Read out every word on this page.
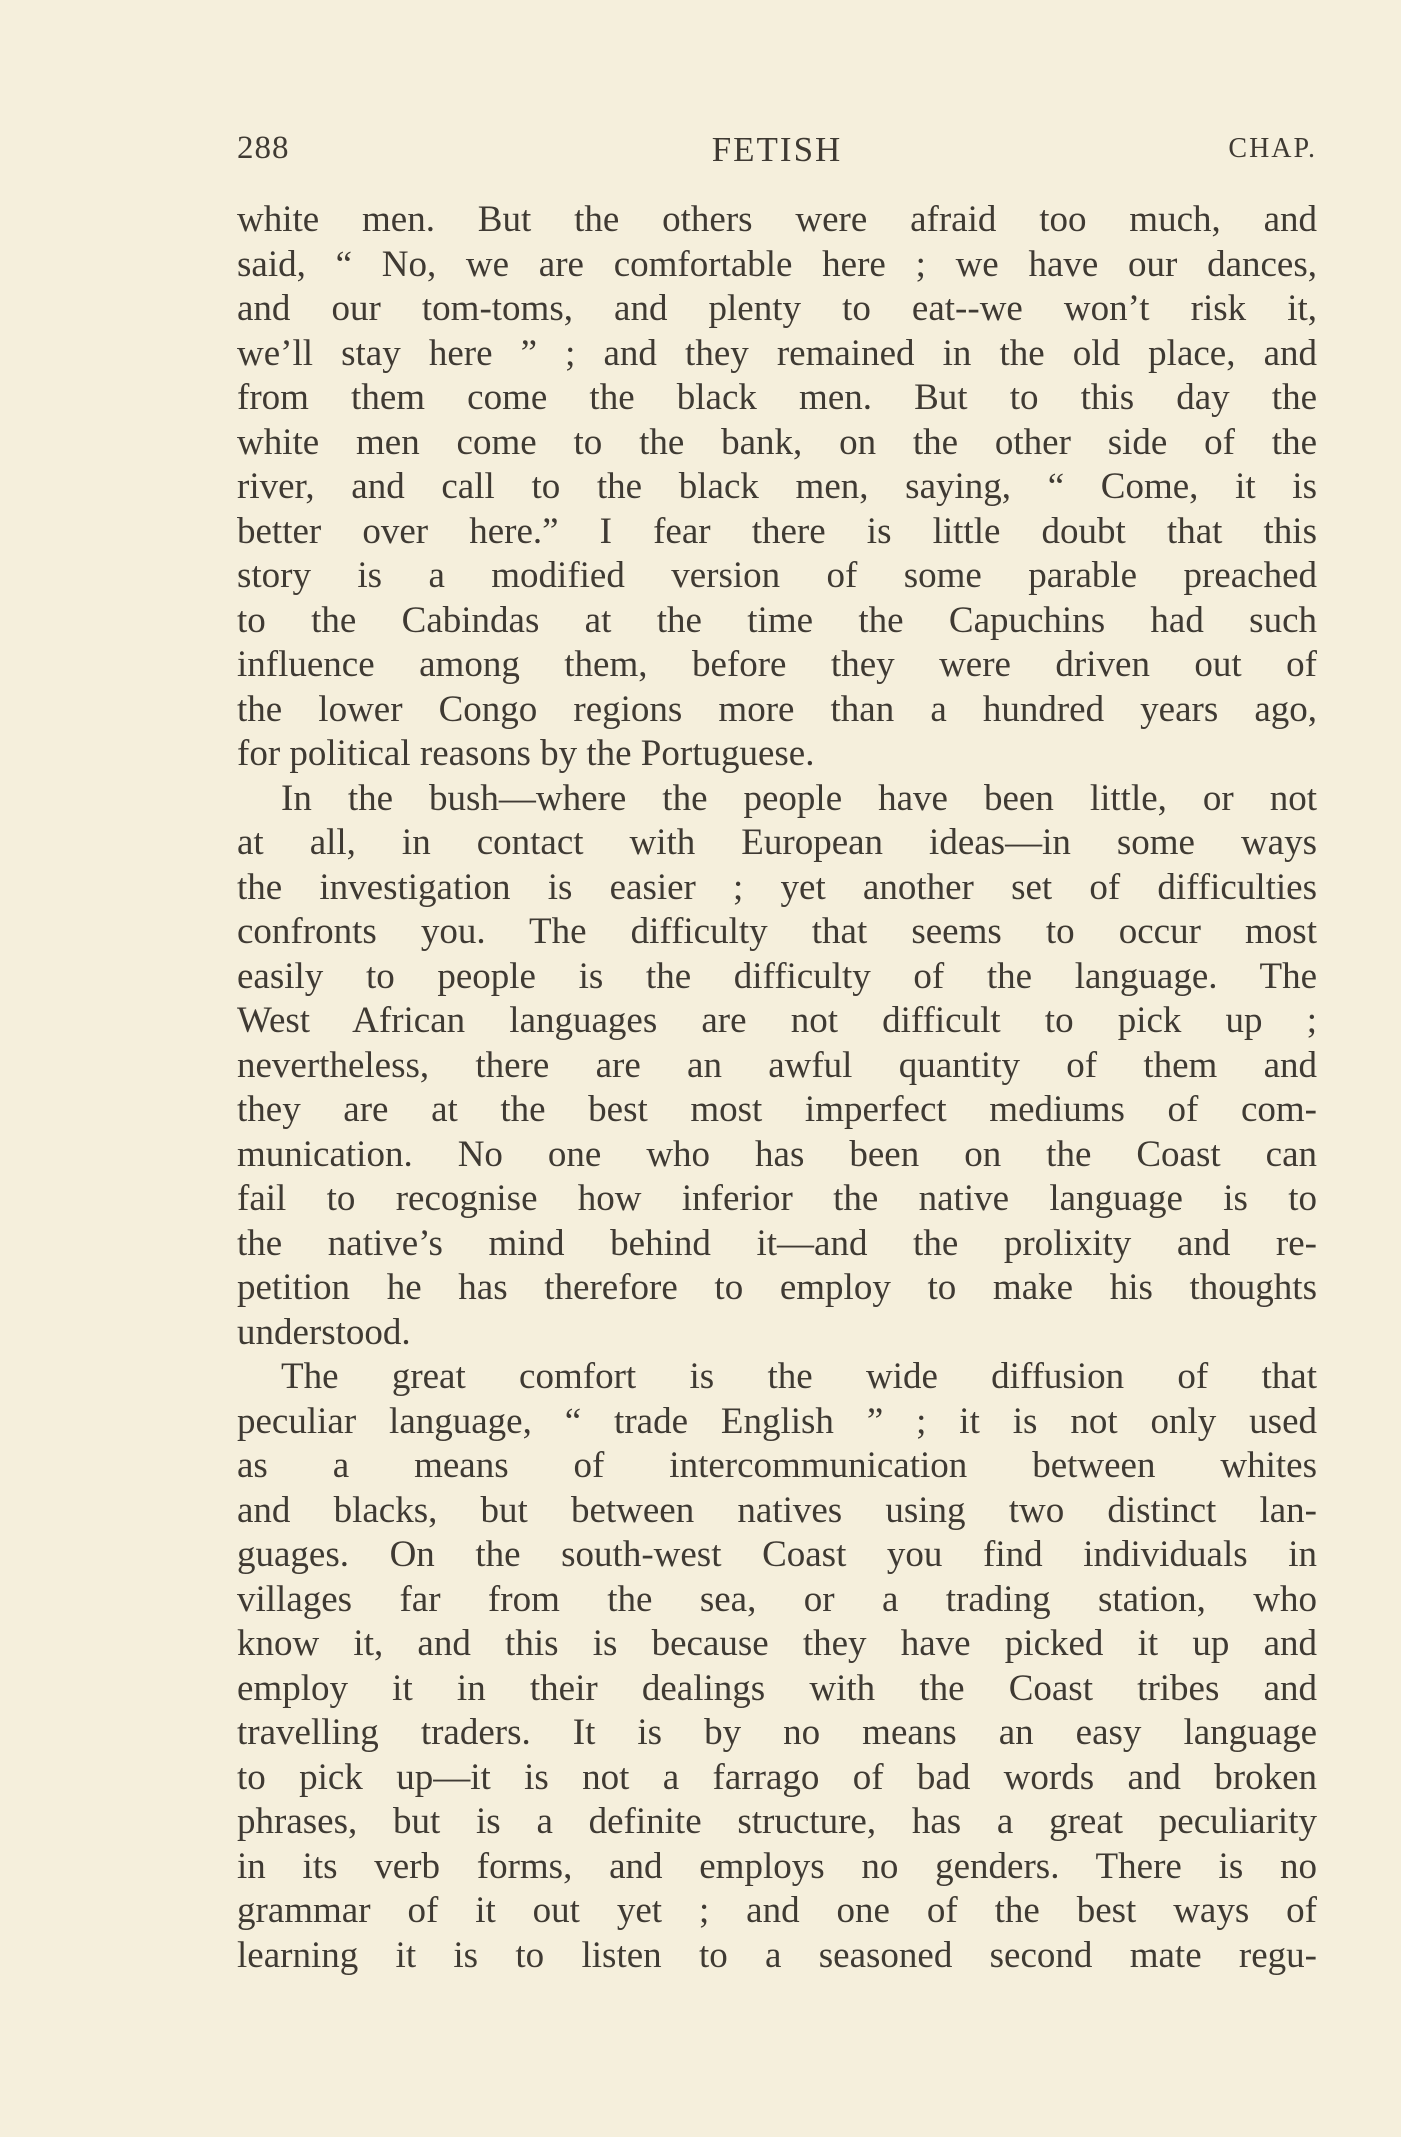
288	FETISH	CHAP.
white men. But the others were afraid too much, and
said, “ No, we are comfortable here ; we have our dances,
and our tom-toms, and plenty to eat--we won’t risk it,
we’ll stay here ” ; and they remained in the old place, and
from them come the black men. But to this day the
white men come to the bank, on the other side of the
river, and call to the black men, saying, “ Come, it is
better over here.” I fear there is little doubt that this
story is a modified version of some parable preached
to the Cabindas at the time the Capuchins had such
influence among them, before they were driven out of
the lower Congo regions more than a hundred years ago,
for political reasons by the Portuguese.
In the bush—where the people have been little, or not
at all, in contact with European ideas—in some ways
the investigation is easier ; yet another set of difficulties
confronts you. The difficulty that seems to occur most
easily to people is the difficulty of the language. The
West African languages are not difficult to pick up ;
nevertheless, there are an awful quantity of them and
they are at the best most imperfect mediums of com-
munication. No one who has been on the Coast can
fail to recognise how inferior the native language is to
the native’s mind behind it—and the prolixity and re-
petition he has therefore to employ to make his thoughts
understood.
The great comfort is the wide diffusion of that
peculiar language, “ trade English ” ; it is not only used
as a means of intercommunication between whites
and blacks, but between natives using two distinct lan-
guages. On the south-west Coast you find individuals in
villages far from the sea, or a trading station, who
know it, and this is because they have picked it up and
employ it in their dealings with the Coast tribes and
travelling traders. It is by no means an easy language
to pick up—it is not a farrago of bad words and broken
phrases, but is a definite structure, has a great peculiarity
in its verb forms, and employs no genders. There is no
grammar of it out yet ; and one of the best ways of
learning it is to listen to a seasoned second mate regu-
